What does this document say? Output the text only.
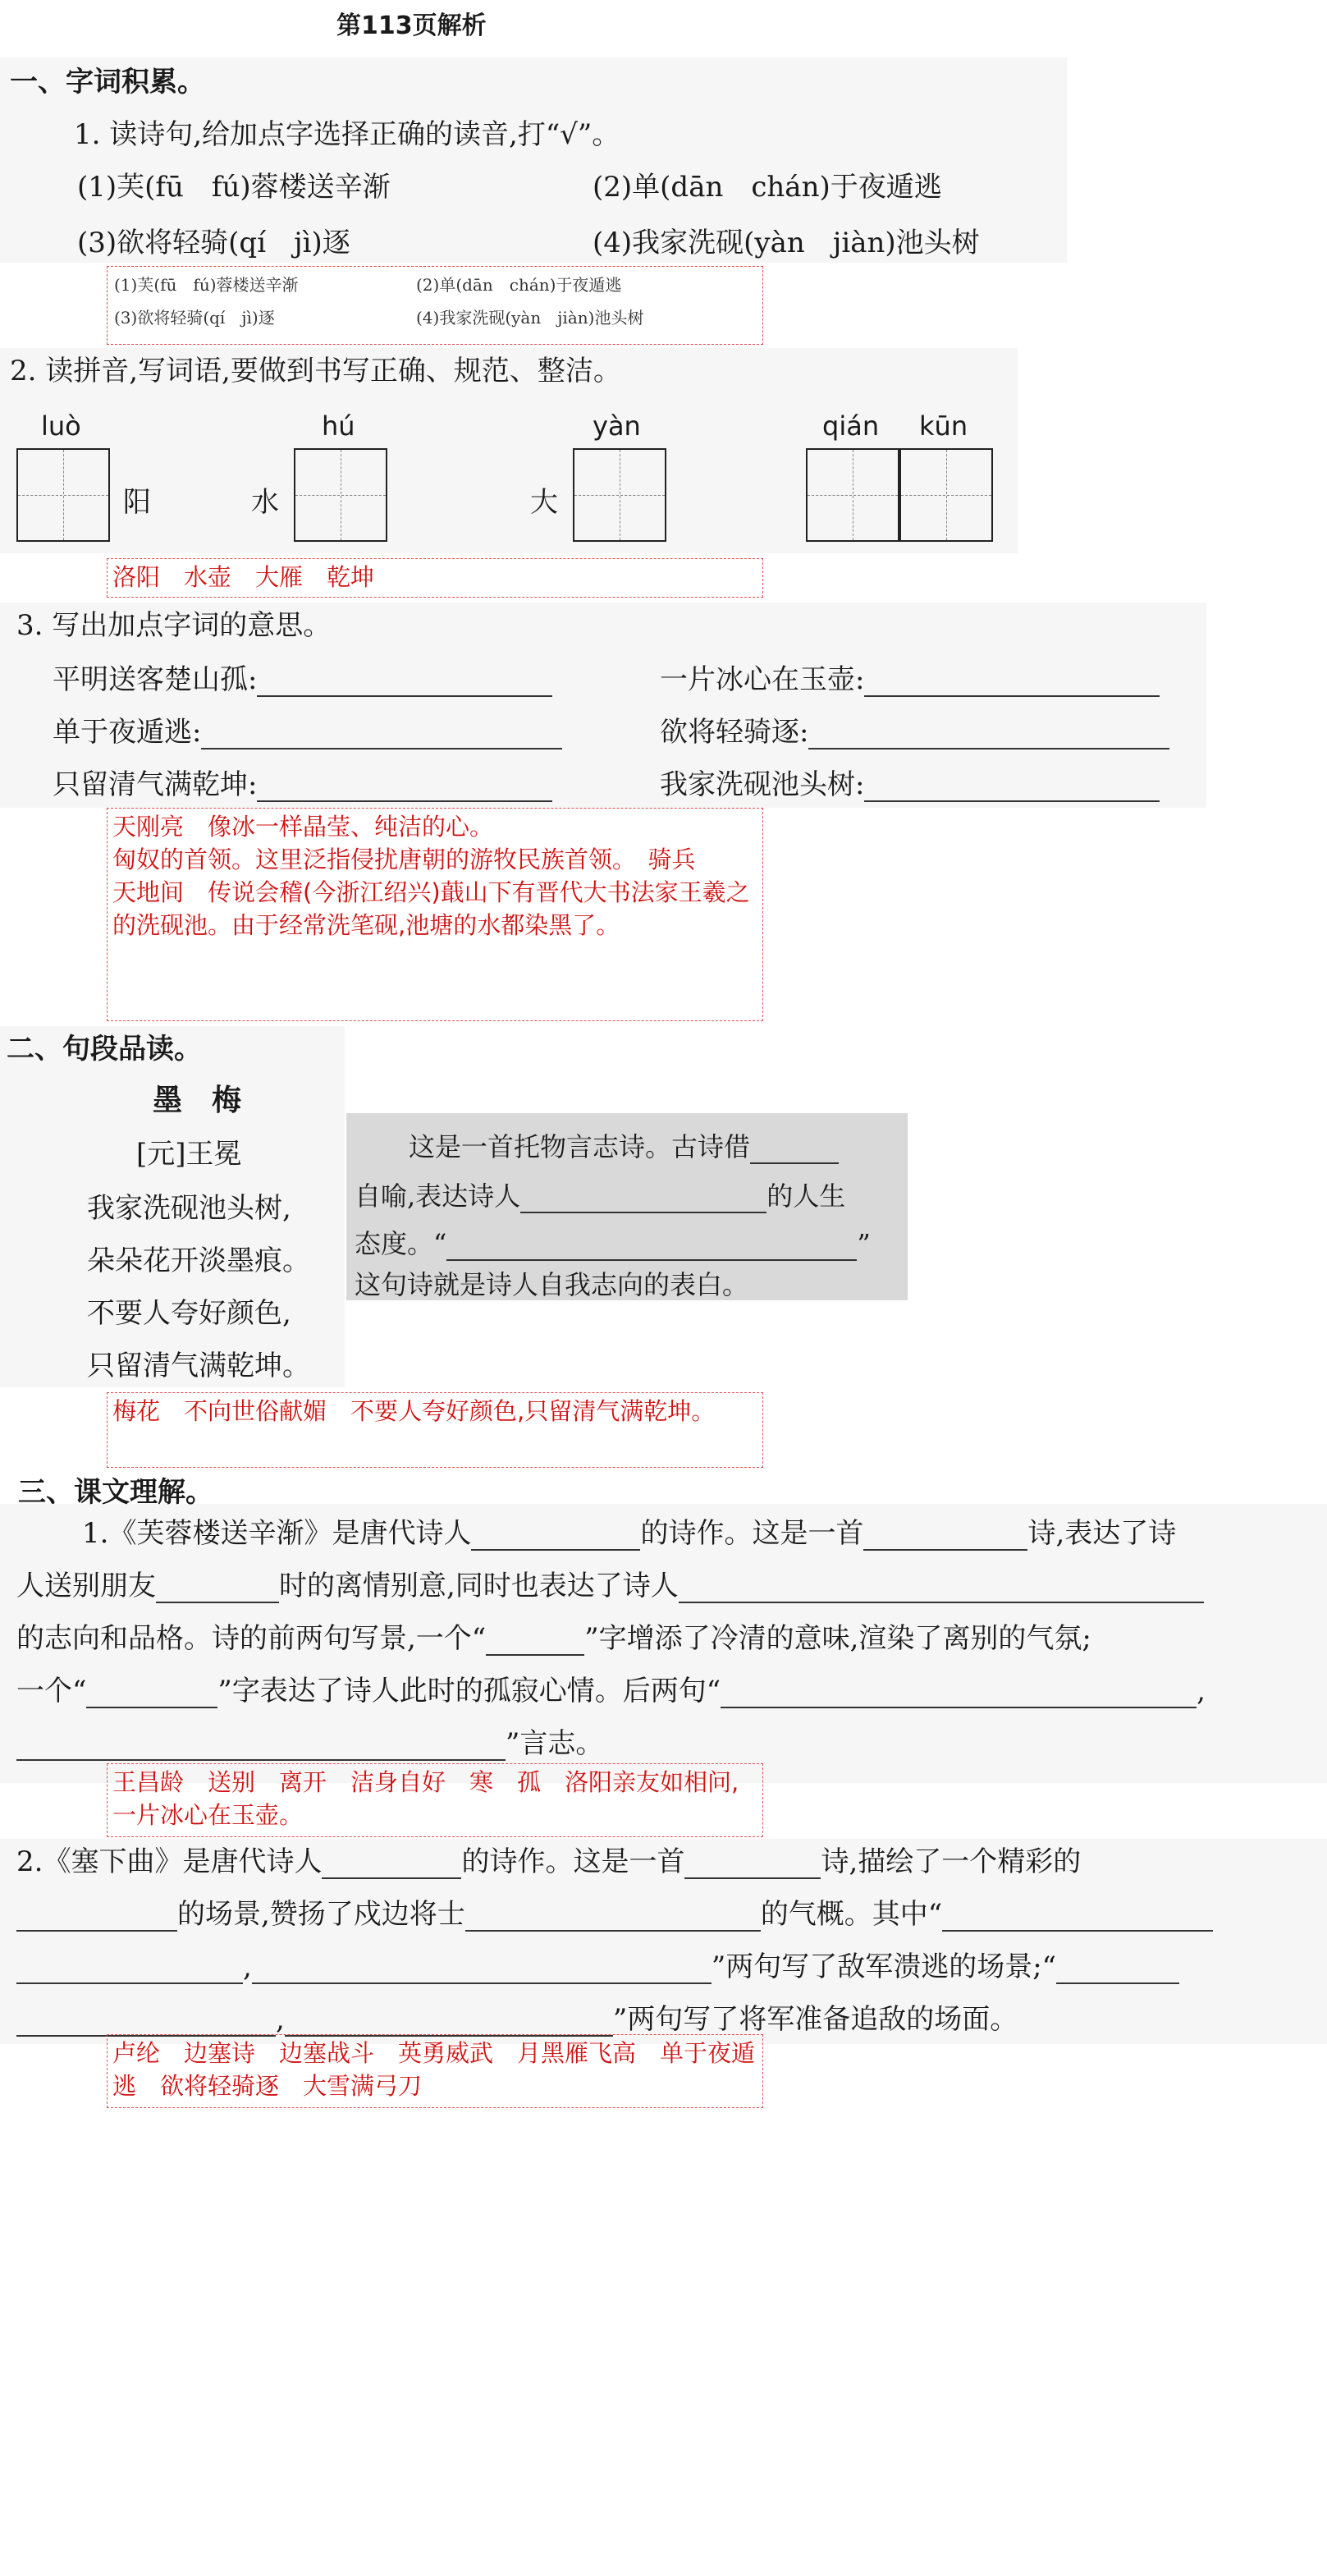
第113页解析
一、字词积累。
1. 读诗句,给加点字选择正确的读音,打“√”。
(1)芙(fū　fú)蓉楼送辛渐	(2)单(dān　chán)于夜遁逃
(3)欲将轻骑(qí　jì)逐	(4)我家洗砚(yàn　jiàn)池头树
(1)芙(fū　fú)蓉楼送辛渐	(2)单(dān　chán)于夜遁逃
(3)欲将轻骑(qí　jì)逐	(4)我家洗砚(yàn　jiàn)池头树
2. 读拼音,写词语,要做到书写正确、规范、整洁。
luò
阳
hú
水
yàn
大
qián kūn
洛阳　水壶　大雁　乾坤
3. 写出加点字词的意思。
平明送客楚山孤:	一片冰心在玉壶:
单于夜遁逃:	欲将轻骑逐:
只留清气满乾坤:	我家洗砚池头树:
天刚亮　像冰一样晶莹、纯洁的心。
匈奴的首领。这里泛指侵扰唐朝的游牧民族首领。　骑兵
天地间　传说会稽(今浙江绍兴)蕺山下有晋代大书法家王羲之的洗砚池。由于经常洗笔砚,池塘的水都染黑了。
二、句段品读。
墨　梅
[元]王冕
我家洗砚池头树,
朵朵花开淡墨痕。
不要人夸好颜色,
只留清气满乾坤。
这是一首托物言志诗。古诗借
自喻,表达诗人	的人生
态度。“	”
这句诗就是诗人自我志向的表白。
梅花　不向世俗献媚　不要人夸好颜色,只留清气满乾坤。
三、课文理解。
1.《芙蓉楼送辛渐》是唐代诗人	的诗作。这是一首	诗,表达了诗
人送别朋友	时的离情别意,同时也表达了诗人
的志向和品格。诗的前两句写景,一个“	”字增添了冷清的意味,渲染了离别的气氛;
一个“	”字表达了诗人此时的孤寂心情。后两句“	,
”言志。
王昌龄　送别　离开　洁身自好　寒　孤　洛阳亲友如相问,一片冰心在玉壶。
2.《塞下曲》是唐代诗人	的诗作。这是一首	诗,描绘了一个精彩的
的场景,赞扬了戍边将士	的气概。其中“
,	”两句写了敌军溃逃的场景;“
,	”两句写了将军准备追敌的场面。
卢纶　边塞诗　边塞战斗　英勇威武　月黑雁飞高　单于夜遁逃　欲将轻骑逐　大雪满弓刀
